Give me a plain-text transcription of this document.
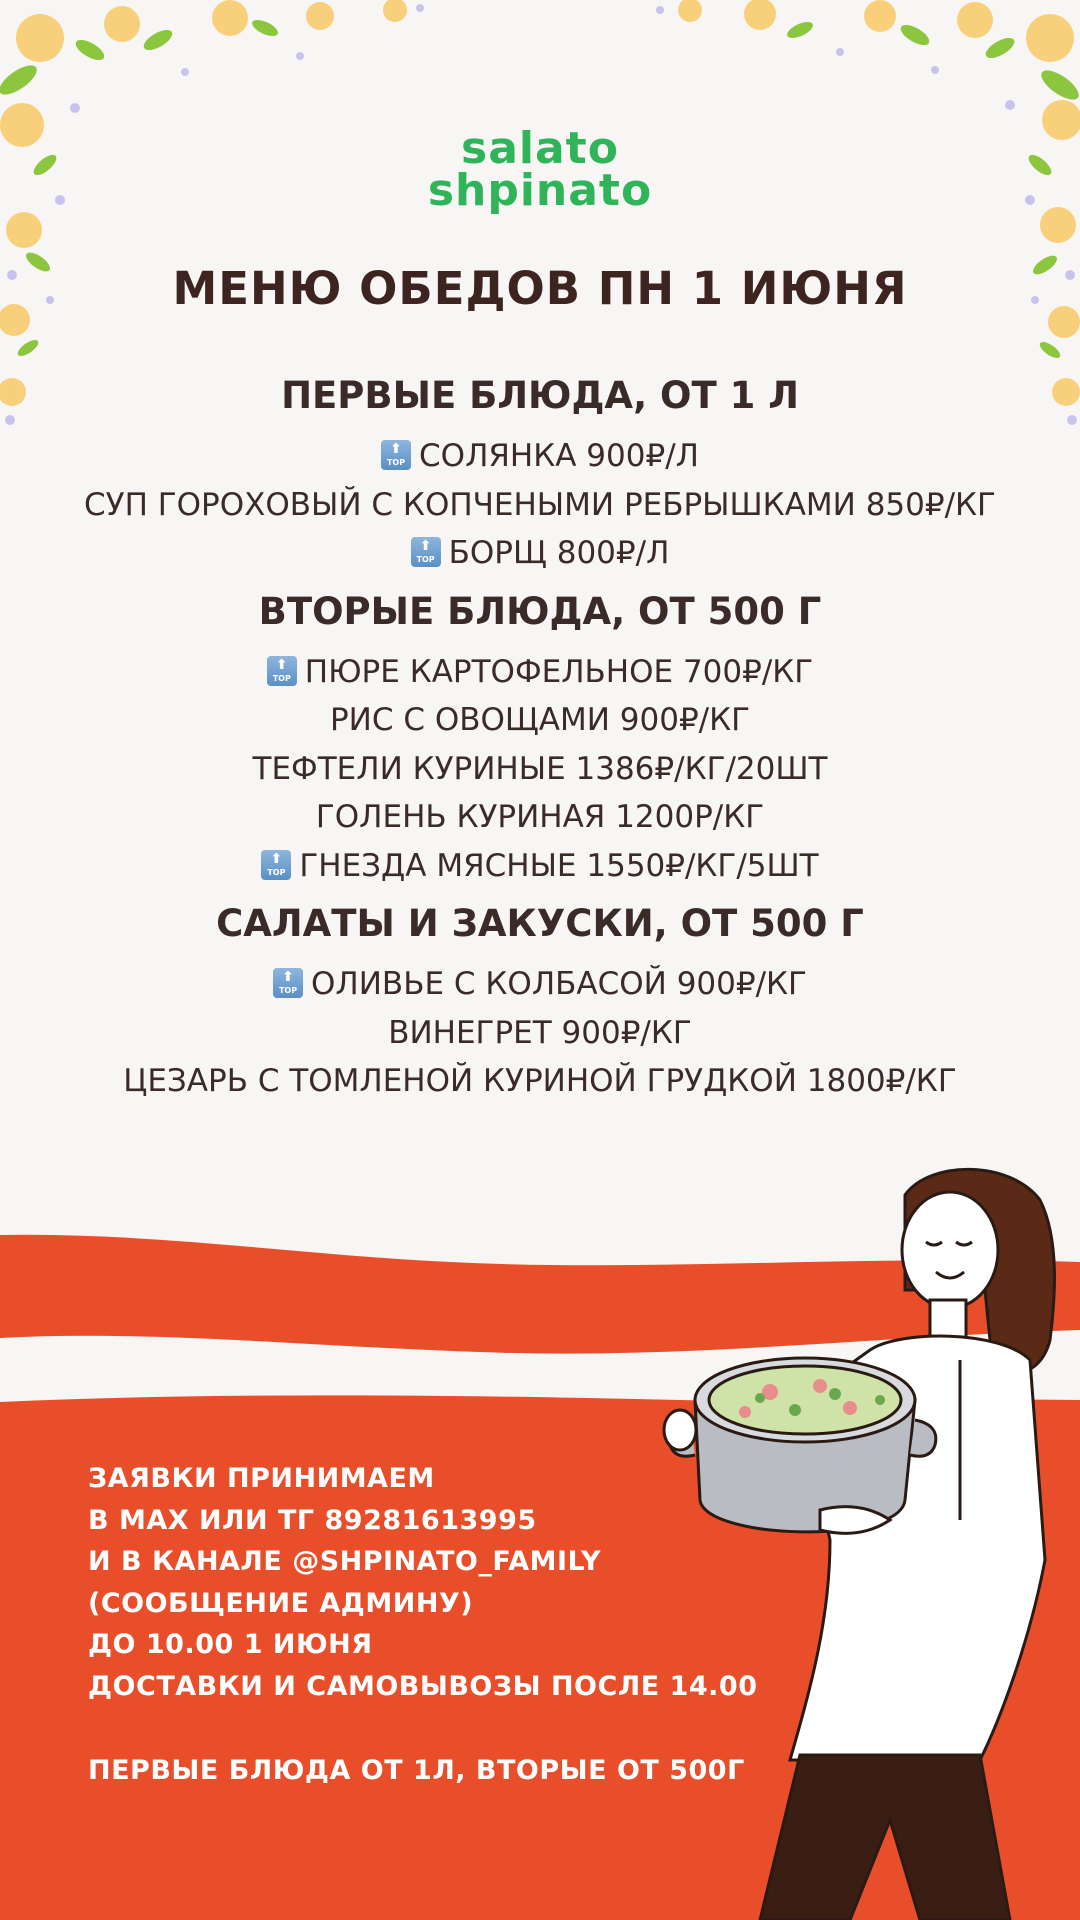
salato
shpinato
МЕНЮ ОБЕДОВ ПН 1 ИЮНЯ
ПЕРВЫЕ БЛЮДА, ОТ 1 Л
⬆
TOP СОЛЯНКА 900₽/Л
СУП ГОРОХОВЫЙ С КОПЧЕНЫМИ РЕБРЫШКАМИ 850₽/КГ
⬆
TOP БОРЩ 800₽/Л
ВТОРЫЕ БЛЮДА, ОТ 500 Г
⬆
TOP ПЮРЕ КАРТОФЕЛЬНОЕ 700₽/КГ
РИС С ОВОЩАМИ 900₽/КГ
ТЕФТЕЛИ КУРИНЫЕ 1386₽/КГ/20ШТ
ГОЛЕНЬ КУРИНАЯ 1200Р/КГ
⬆
TOP ГНЕЗДА МЯСНЫЕ 1550₽/КГ/5ШТ
САЛАТЫ И ЗАКУСКИ, ОТ 500 Г
⬆
TOP ОЛИВЬЕ С КОЛБАСОЙ 900₽/КГ
ВИНЕГРЕТ 900₽/КГ
ЦЕЗАРЬ С ТОМЛЕНОЙ КУРИНОЙ ГРУДКОЙ 1800₽/КГ
ЗАЯВКИ ПРИНИМАЕМ
В МАХ ИЛИ ТГ 89281613995
И В КАНАЛЕ @SHPINATO_FAMILY
(СООБЩЕНИЕ АДМИНУ)
ДО 10.00 1 ИЮНЯ
ДОСТАВКИ И САМОВЫВОЗЫ ПОСЛЕ 14.00
ПЕРВЫЕ БЛЮДА ОТ 1Л, ВТОРЫЕ ОТ 500Г
